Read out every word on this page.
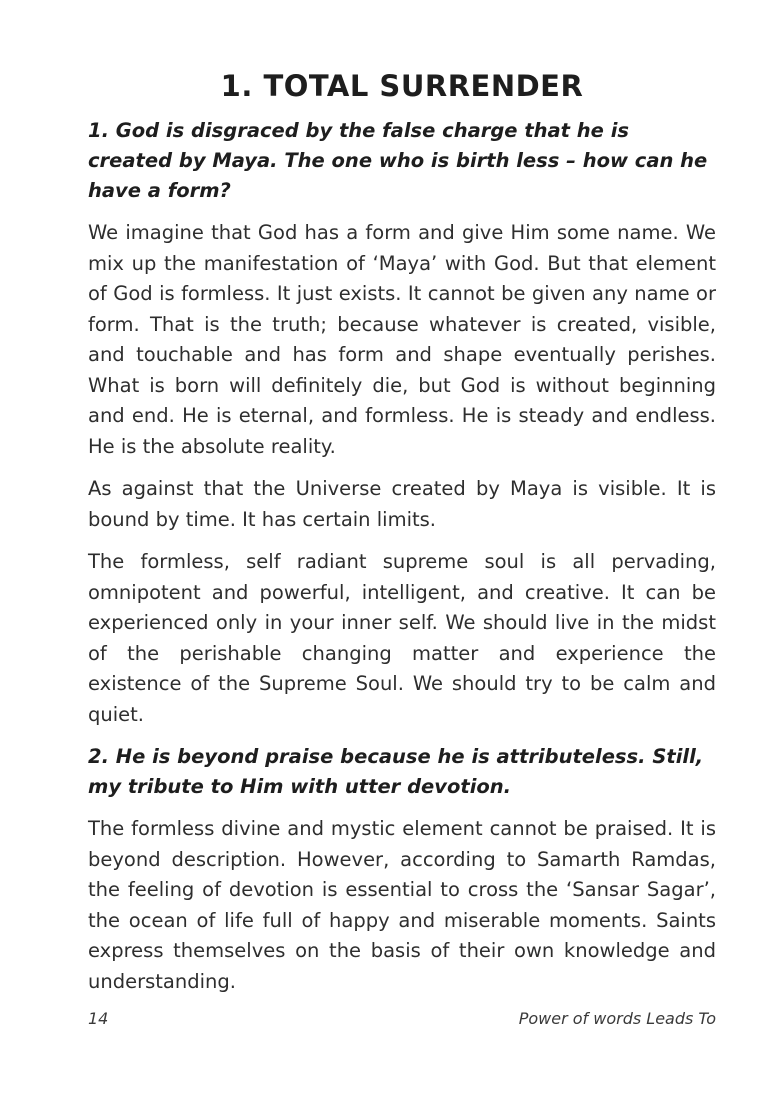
1. TOTAL SURRENDER

1. God is disgraced by the false charge that he is created by Maya. The one who is birth less – how can he have a form?

We imagine that God has a form and give Him some name. We mix up the manifestation of ‘Maya’ with God. But that element of God is formless. It just exists. It cannot be given any name or form. That is the truth; because whatever is created, visible, and touchable and has form and shape eventually perishes. What is born will definitely die, but God is without beginning and end. He is eternal, and formless. He is steady and endless. He is the absolute reality.

As against that the Universe created by Maya is visible. It is bound by time. It has certain limits.

The formless, self radiant supreme soul is all pervading, omnipotent and powerful, intelligent, and creative. It can be experienced only in your inner self. We should live in the midst of the perishable changing matter and experience the existence of the Supreme Soul. We should try to be calm and quiet.

2. He is beyond praise because he is attributeless. Still, my tribute to Him with utter devotion.

The formless divine and mystic element cannot be praised. It is beyond description. However, according to Samarth Ramdas, the feeling of devotion is essential to cross the ‘Sansar Sagar’, the ocean of life full of happy and miserable moments. Saints express themselves on the basis of their own knowledge and understanding.

14	Power of words Leads To
